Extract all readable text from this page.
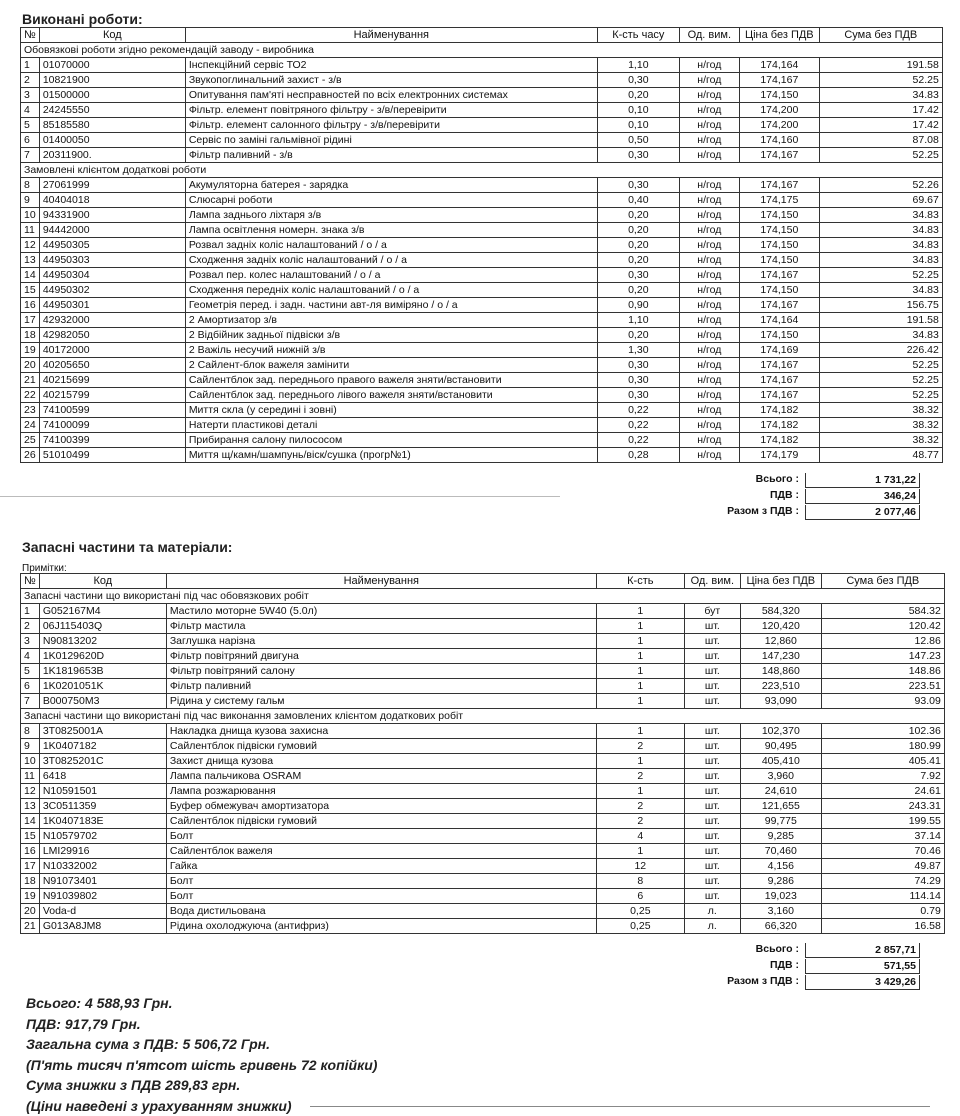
Виконані роботи:
№	Код	Найменування	К-сть часу	Од. вим.	Ціна без ПДВ	Сума без ПДВ
Обовязкові роботи згідно рекомендацій заводу - виробника						
1	01070000	Інспекційний сервіс ТО2	1,10	н/год	174,164	191.58
2	10821900	Звукопоглинальний захист - з/в	0,30	н/год	174,167	52.25
3	01500000	Опитування пам'яті несправностей по всіх електронних системах	0,20	н/год	174,150	34.83
4	24245550	Фільтр. елемент повітряного фільтру - з/в/перевірити	0,10	н/год	174,200	17.42
5	85185580	Фільтр. елемент салонного фільтру - з/в/перевірити	0,10	н/год	174,200	17.42
6	01400050	Сервіс по заміні гальмівної рідині	0,50	н/год	174,160	87.08
7	20311900.	Фільтр паливний - з/в	0,30	н/год	174,167	52.25
Замовлені клієнтом додаткові роботи						
8	27061999	Акумуляторна батерея - зарядка	0,30	н/год	174,167	52.26
9	40404018	Слюсарні роботи	0,40	н/год	174,175	69.67
10	94331900	Лампа заднього ліхтаря з/в	0,20	н/год	174,150	34.83
11	94442000	Лампа освітлення номерн. знака з/в	0,20	н/год	174,150	34.83
12	44950305	Розвал задніх коліс налаштований / о / а	0,20	н/год	174,150	34.83
13	44950303	Сходження задніх коліс налаштований / о / а	0,20	н/год	174,150	34.83
14	44950304	Розвал пер. колес налаштований / о / а	0,30	н/год	174,167	52.25
15	44950302	Сходження передніх коліс налаштований / о / а	0,20	н/год	174,150	34.83
16	44950301	Геометрія перед. і задн. частини авт-ля виміряно / о / а	0,90	н/год	174,167	156.75
17	42932000	2 Амортизатор з/в	1,10	н/год	174,164	191.58
18	42982050	2 Відбійник задньої підвіски з/в	0,20	н/год	174,150	34.83
19	40172000	2 Важіль несучий нижній з/в	1,30	н/год	174,169	226.42
20	40205650	2 Сайлент-блок важеля замінити	0,30	н/год	174,167	52.25
21	40215699	Сайлентблок зад. переднього правого важеля зняти/встановити	0,30	н/год	174,167	52.25
22	40215799	Сайлентблок зад. переднього лівого важеля зняти/встановити	0,30	н/год	174,167	52.25
23	74100599	Миття скла (у середині і зовні)	0,22	н/год	174,182	38.32
24	74100099	Натерти пластикові деталі	0,22	н/год	174,182	38.32
25	74100399	Прибирання салону пилососом	0,22	н/год	174,182	38.32
26	51010499	Миття щ/камн/шампунь/віск/сушка (прогр№1)	0,28	н/год	174,179	48.77
Всього :	1 731,22
ПДВ :	346,24
Разом з ПДВ :	2 077,46
Запасні частини та матеріали:
Примітки:
№	Код	Найменування	К-сть	Од. вим.	Ціна без ПДВ	Сума без ПДВ
Запасні частини що використані під час обовязкових робіт						
1	G052167M4	Мастило моторне 5W40 (5.0л)	1	бут	584,320	584.32
2	06J115403Q	Фільтр мастила	1	шт.	120,420	120.42
3	N90813202	Заглушка нарізна	1	шт.	12,860	12.86
4	1K0129620D	Фільтр повітряний двигуна	1	шт.	147,230	147.23
5	1K1819653B	Фільтр повітряний салону	1	шт.	148,860	148.86
6	1K0201051K	Фільтр паливний	1	шт.	223,510	223.51
7	B000750M3	Рідина у систему гальм	1	шт.	93,090	93.09
Запасні частини що використані під час виконання замовлених клієнтом додаткових робіт						
8	3T0825001A	Накладка днища кузова захисна	1	шт.	102,370	102.36
9	1K0407182	Сайлентблок підвіски гумовий	2	шт.	90,495	180.99
10	3T0825201C	Захист днища кузова	1	шт.	405,410	405.41
11	6418	Лампа пальчикова OSRAM	2	шт.	3,960	7.92
12	N10591501	Лампа розжарювання	1	шт.	24,610	24.61
13	3C0511359	Буфер обмежувач амортизатора	2	шт.	121,655	243.31
14	1K0407183E	Сайлентблок підвіски гумовий	2	шт.	99,775	199.55
15	N10579702	Болт	4	шт.	9,285	37.14
16	LMI29916	Сайлентблок важеля	1	шт.	70,460	70.46
17	N10332002	Гайка	12	шт.	4,156	49.87
18	N91073401	Болт	8	шт.	9,286	74.29
19	N91039802	Болт	6	шт.	19,023	114.14
20	Voda-d	Вода дистильована	0,25	л.	3,160	0.79
21	G013A8JM8	Рідина охолоджуюча (антифриз)	0,25	л.	66,320	16.58
Всього :	2 857,71
ПДВ :	571,55
Разом з ПДВ :	3 429,26
Всього: 4 588,93 Грн.
ПДВ: 917,79 Грн.
Загальна сума з ПДВ: 5 506,72 Грн.
(П'ять тисяч п'ятсот шість гривень 72 копійки)
Сума знижки з ПДВ 289,83 грн.
(Ціни наведені з урахуванням знижки)
